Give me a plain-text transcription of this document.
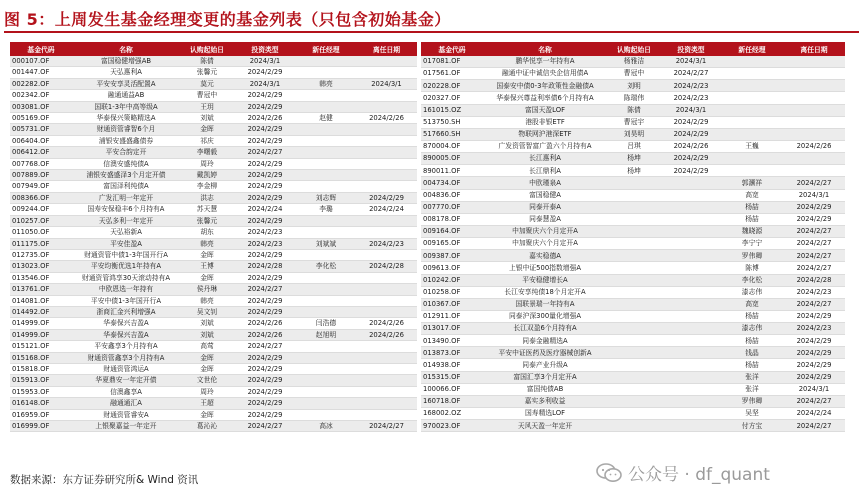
图 5：上周发生基金经理变更的基金列表（只包含初始基金）
基金代码	名称	认购起始日	投资类型	新任经理	离任日期
000107.OF	富国稳健增强AB	陈倩	2024/3/1		
001447.OF	天弘惠利A	张馨元	2024/2/29		
002282.OF	平安安享灵活配置A	莫元	2024/3/1	韩亮	2024/3/1
002342.OF	融通通益AB	曹冠中	2024/2/29		
003081.OF	国联1-3年中高等级A	王玥	2024/2/29		
005169.OF	华泰保兴策略精选A	刘斌	2024/2/26	赵健	2024/2/26
005731.OF	财通资管睿智6个月	金晖	2024/2/29		
006404.OF	浦银安盛盛鑫债券	祁庆	2024/2/29		
006412.OF	平安合韵定开	李曙毅	2024/2/27		
007768.OF	信澳安盛纯债A	周玲	2024/2/29		
007889.OF	浦银安盛盛泽3个月定开债	戴凯婷	2024/2/29		
007949.OF	富国泽利纯债A	李金柳	2024/2/29		
008366.OF	广发汇明一年定开	洪志	2024/2/29	刘志辉	2024/2/29
009244.OF	国寿安保稳丰6个月持有A	苏天慧	2024/2/24	李璐	2024/2/24
010257.OF	天弘多利一年定开	张馨元	2024/2/29		
011050.OF	天弘裕新A	胡东	2024/2/23		
011175.OF	平安佳盈A	韩亮	2024/2/23	刘斌斌	2024/2/23
012735.OF	财通资管中债1-3年国开行A	金晖	2024/2/29		
013023.OF	平安均衡优选1年持有A	王博	2024/2/28	李化松	2024/2/28
013546.OF	财通资管鸿享30天滚动持有A	金晖	2024/2/29		
013761.OF	中欧恩选一年持有	侯丹琳	2024/2/27		
014081.OF	平安中债1-3年国开行A	韩亮	2024/2/29		
014492.OF	浙商汇金兴利增强A	吴文钊	2024/2/29		
014999.OF	华泰保兴吉盈A	刘斌	2024/2/26	闫浩德	2024/2/26
014999.OF	华泰保兴吉盈A	刘斌	2024/2/26	赵旭明	2024/2/26
015121.OF	平安鑫享3个月持有A	高莺	2024/2/27		
015168.OF	财通资管鑫享3个月持有A	金晖	2024/2/29		
015818.OF	财通资管鸿运A	金晖	2024/2/29		
015913.OF	华夏鼎安一年定开债	文世伦	2024/2/29		
015953.OF	信澳鑫享A	周玲	2024/2/29		
016148.OF	融通通汇A	王超	2024/2/29		
016959.OF	财通资管睿安A	金晖	2024/2/29		
016999.OF	上银聚嘉益一年定开	葛沁沁	2024/2/27	高冰	2024/2/27
基金代码	名称	认购起始日	投资类型	新任经理	离任日期
017081.OF	鹏华悦享一年持有A	杨雅洁	2024/3/1		
017561.OF	融通中证中诚信央企信用债A	曹冠中	2024/2/27		
020228.OF	国泰安中债0-3年政策性金融债A	刘明	2024/2/23		
020327.OF	华泰保兴尊益利率债6个月持有A	陈瑞伟	2024/2/23		
161015.OZ	富国天盈LOF	陈倩	2024/3/1		
513750.SH	港股非银ETF	曹冠宇	2024/2/29		
517660.SH	物联网沪港深ETF	刘昊明	2024/2/29		
870004.OF	广发资管智富广盈六个月持有A	吕琪	2024/2/26	王巍	2024/2/26
890005.OF	长江惠利A	杨坤	2024/2/29		
890011.OF	长江鼎利A	杨坤	2024/2/29		
004734.OF	中欧瑾泉A			郭灏祥	2024/2/27
004836.OF	富国稳健A			高宽	2024/3/1
007770.OF	同泰开泰A			杨喆	2024/2/29
008178.OF	同泰慧盈A			杨喆	2024/2/29
009164.OF	中加聚庆六个月定开A			魏晓源	2024/2/27
009165.OF	中加聚庆六个月定开A			李宁宁	2024/2/27
009387.OF	嘉实稳德A			罗伟卿	2024/2/27
009613.OF	上银中证500指数增强A			陈博	2024/2/27
010242.OF	平安稳健增长A			李化松	2024/2/28
010258.OF	长江安享纯债18个月定开A			漆志伟	2024/2/23
010367.OF	国联景瑞一年持有A			高宽	2024/2/27
012911.OF	同泰沪深300量化增强A			杨喆	2024/2/29
013017.OF	长江双盈6个月持有A			漆志伟	2024/2/23
013490.OF	同泰金融精选A			杨喆	2024/2/29
013873.OF	平安中证医药及医疗器械创新A			钱晶	2024/2/29
014938.OF	同泰产业升级A			杨喆	2024/2/29
015315.OF	富国汇享3个月定开A			张洋	2024/2/29
100066.OF	富国纯债AB			张洋	2024/3/1
160718.OF	嘉实多利收益			罗伟卿	2024/2/27
168002.OZ	国寿精选LOF			吴坚	2024/2/24
970023.OF	天风天盈一年定开			付方宝	2024/2/27
数据来源：东方证券研究所& Wind 资讯	公众号 · df_quant
